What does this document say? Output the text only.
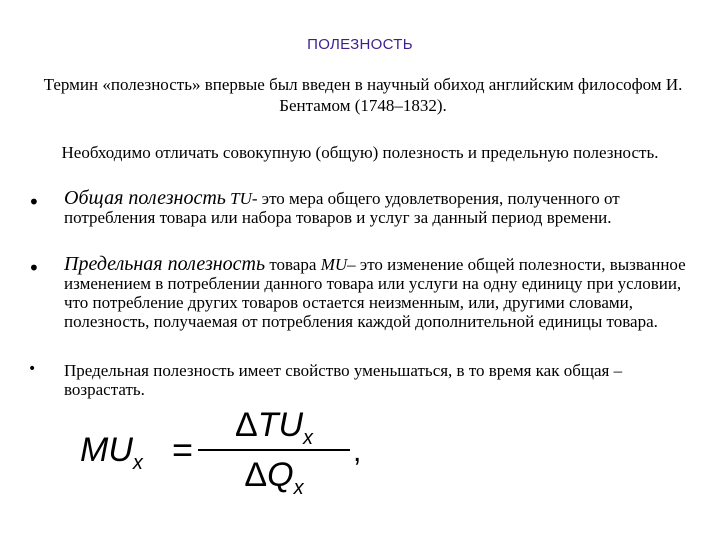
ПОЛЕЗНОСТЬ
Термин «полезность» впервые был введен в научный обиход английским философом И. Бентамом (1748–1832).
Необходимо отличать совокупную (общую) полезность и предельную полезность.
• Общая полезность TU- это мера общего удовлетворения, полученного от потребления товара или набора товаров и услуг за данный период времени.
• Предельная полезность товара MU– это изменение общей полезности, вызванное изменением в потреблении данного товара или услуги на одну единицу при условии, что потребление других товаров остается неизменным, или, другими словами, полезность, получаемая от потребления каждой дополнительной единицы товара.
• Предельная полезность имеет свойство уменьшаться, в то время как общая – возрастать.
$MU_x$ =
$\Delta TU_x$
$\Delta Q_x$
,
